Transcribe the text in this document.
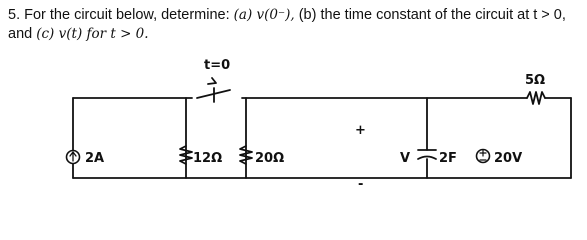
5. For the circuit below, determine: (a) v(0⁻), (b) the time constant of the circuit at t > 0,
and (c) v(t) for t > 0.
t=0
5Ω
2A	12Ω	20Ω
+
V
-
2F	20V
